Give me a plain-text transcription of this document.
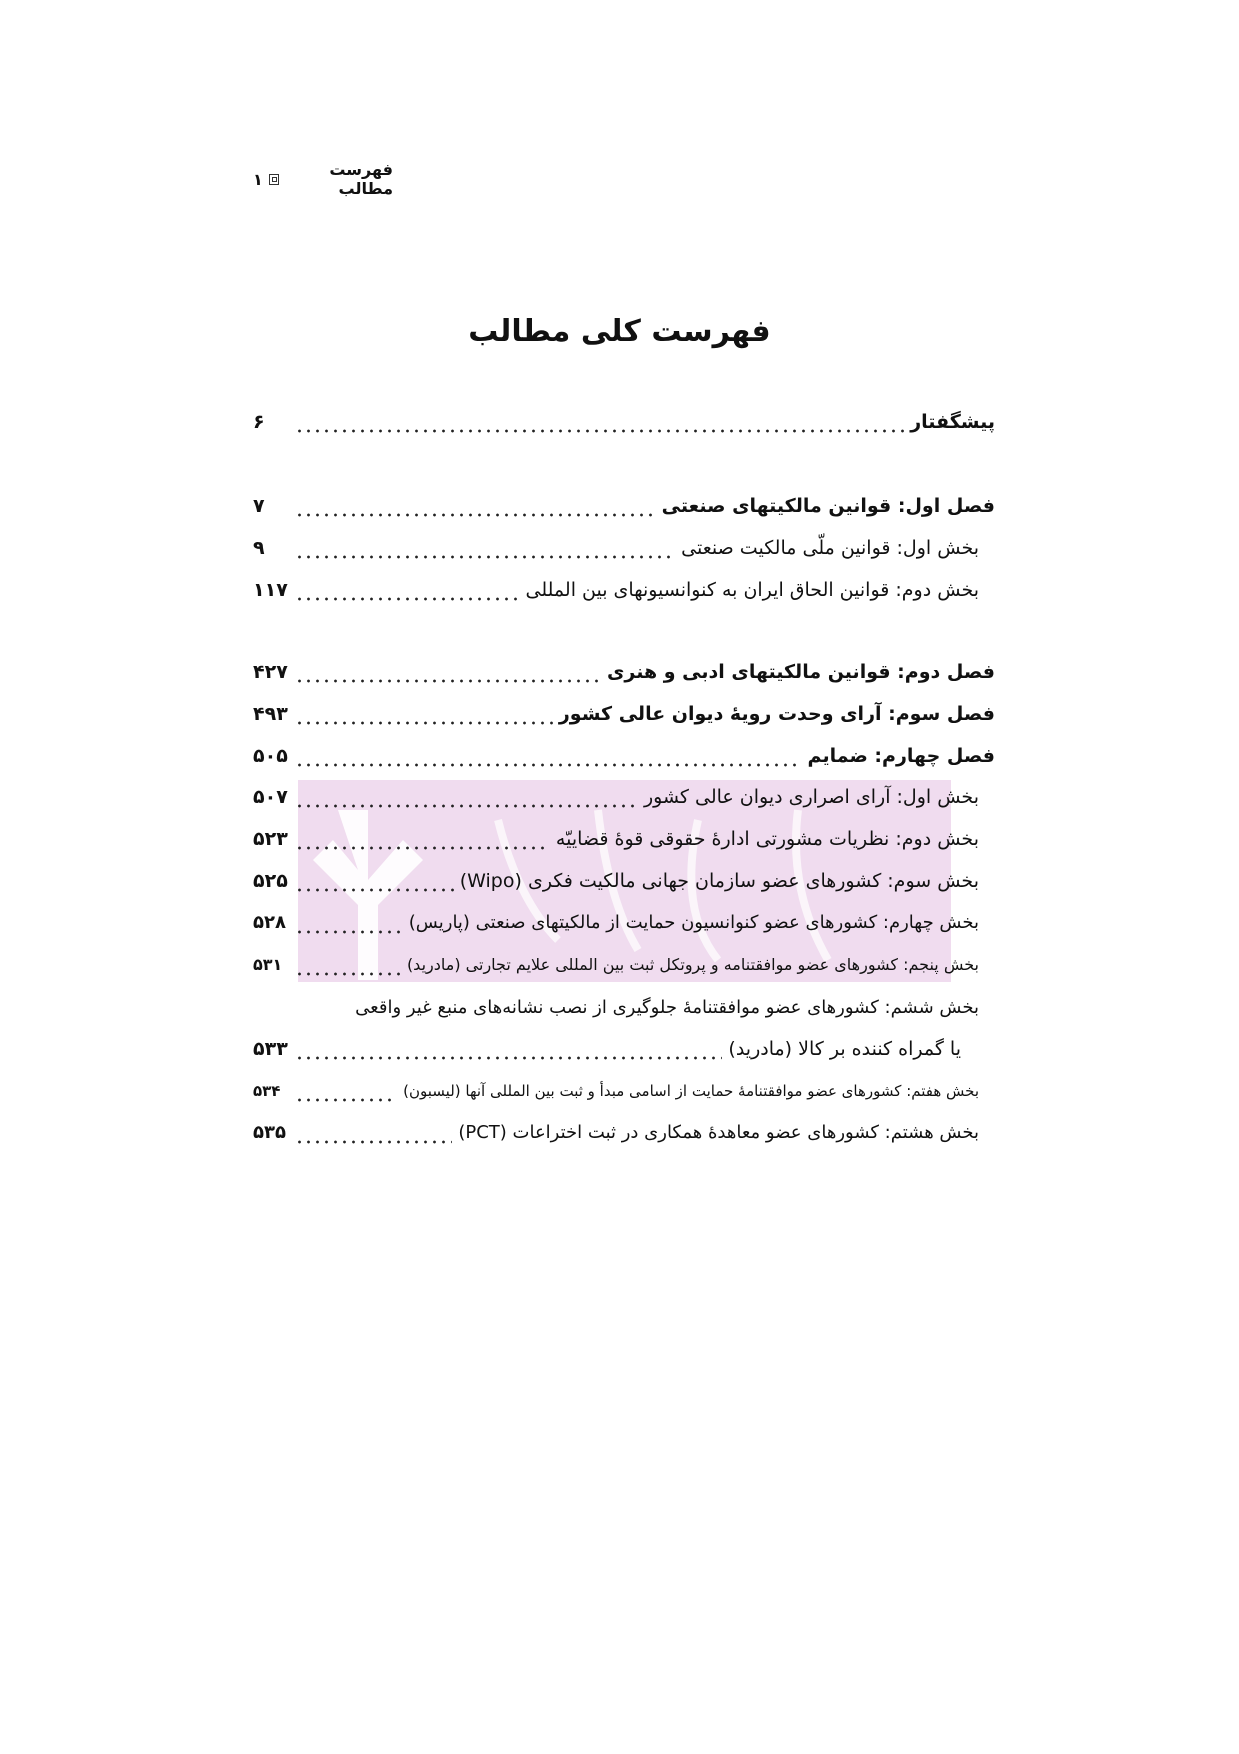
فهرست مطالب
۱
فهرست کلی مطالب
پیشگفتار
۶
فصل اول: قوانین مالکیتهای صنعتی
۷
بخش اول: قوانین ملّی مالکیت صنعتی
۹
بخش دوم: قوانین الحاق ایران به کنوانسیونهای بین المللی
۱۱۷
فصل دوم: قوانین مالکیتهای ادبی و هنری
۴۲۷
فصل سوم: آرای وحدت رویهٔ دیوان عالی کشور
۴۹۳
فصل چهارم: ضمایم
۵۰۵
بخش اول: آرای اصراری دیوان عالی کشور
۵۰۷
بخش دوم: نظریات مشورتی ادارهٔ حقوقی قوهٔ قضاییّه
۵۲۳
بخش سوم: کشورهای عضو سازمان جهانی مالکیت فکری (Wipo)
۵۲۵
بخش چهارم: کشورهای عضو کنوانسیون حمایت از مالکیتهای صنعتی (پاریس)
۵۲۸
بخش پنجم: کشورهای عضو موافقتنامه و پروتکل ثبت بین المللی علایم تجارتی (مادرید)
۵۳۱
بخش ششم: کشورهای عضو موافقتنامهٔ جلوگیری از نصب نشانه‌های منبع غیر واقعی
یا گمراه کننده بر کالا (مادرید)
۵۳۳
بخش هفتم: کشورهای عضو موافقتنامهٔ حمایت از اسامی مبدأ و ثبت بین المللی آنها (لیسبون)
۵۳۴
بخش هشتم: کشورهای عضو معاهدهٔ همکاری در ثبت اختراعات (PCT)
۵۳۵
